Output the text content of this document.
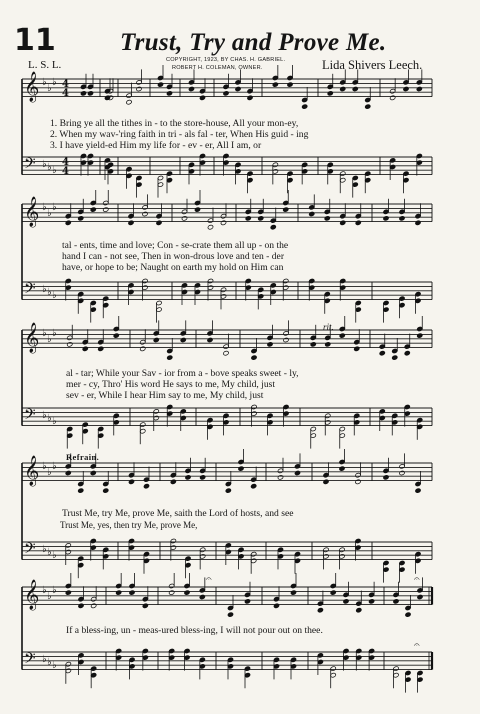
11	Trust, Try and Prove Me.
L. S. L.	COPYRIGHT, 1923, BY CHAS. H. GABRIEL.
ROBERT H. COLEMAN, OWNER.	Lida Shivers Leech.
𝄞 ♭
♭
♭ 4
4
𝄢 ♭ ♭ ♭
4
4
𝄞 ♭
♭
♭
𝄢 ♭ ♭ ♭
𝄞 ♭
♭
♭
𝄢 ♭ ♭ ♭
𝄞 ♭
♭
♭
𝄢 ♭ ♭ ♭
𝄞 ♭
♭
♭
𝄢 ♭ ♭ ♭
𝄐	𝄐
𝄐
1. Bring ye all the tithes in - to the store-house, All your mon-ey,
2. When my wav-'ring faith in tri - als fal - ter, When His guid - ing
3. I have yield-ed Him my life for - ev - er, All I am, or
tal - ents, time and love; Con - se-crate them all up - on the
hand I can - not see, Then in won-drous love and ten - der
have, or hope to be; Naught on earth my hold on Him can
rit.
al - tar; While your Sav - ior from a - bove speaks sweet - ly,
mer - cy, Thro' His word He says to me, My child, just
sev - er, While I hear Him say to me, My child, just
Refrain.
Trust Me, try Me, prove Me, saith the Lord of hosts, and see
Trust Me, yes, then try Me, prove Me,
If a bless-ing, un - meas-ured bless-ing, I will not pour out on thee.
